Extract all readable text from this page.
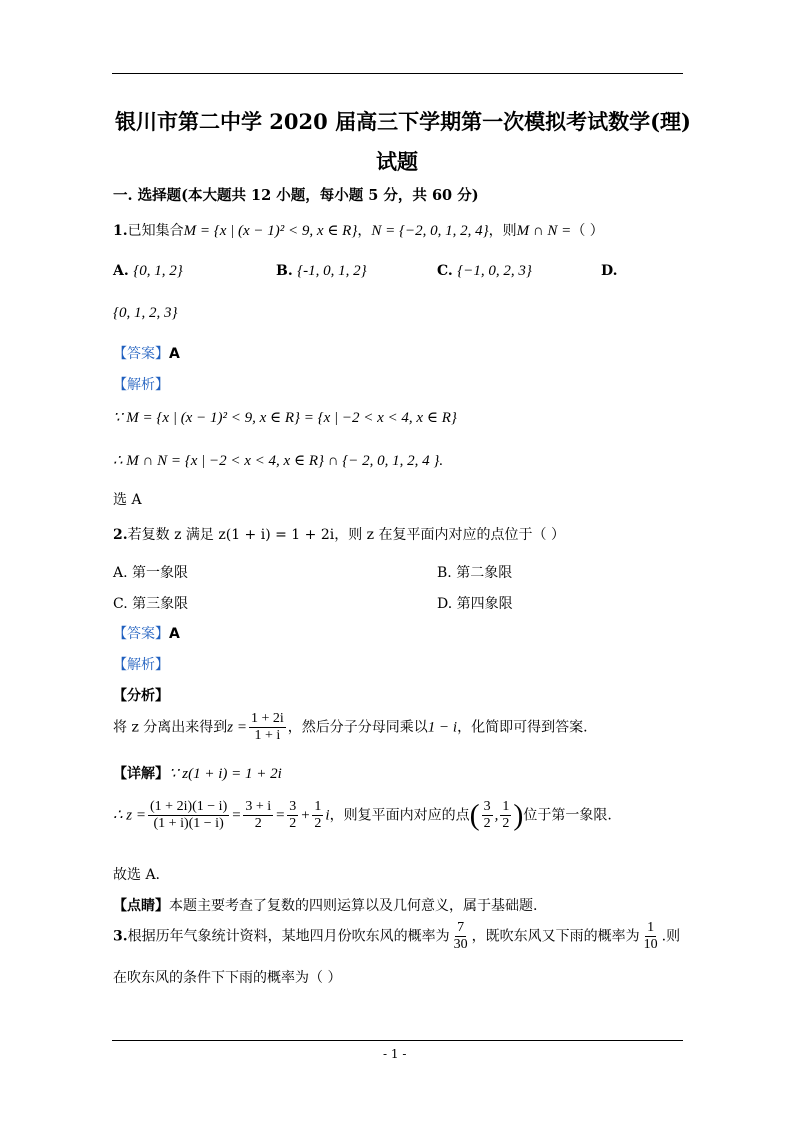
银川市第二中学 2020 届高三下学期第一次模拟考试数学(理)
试题
一. 选择题(本大题共 12 小题，每小题 5 分，共 60 分)
1.已知集合M = {x | (x − 1)² < 9, x ∈ R}，N = {−2, 0, 1, 2, 4}，则M ∩ N =（ ）
A. {0, 1, 2}	B. {-1, 0, 1, 2}	C. {−1, 0, 2, 3}	D.
{0, 1, 2, 3}
【答案】A
【解析】
∵ M = {x | (x − 1)² < 9, x ∈ R} = {x | −2 < x < 4, x ∈ R}
∴ M ∩ N = {x | −2 < x < 4, x ∈ R} ∩ {− 2, 0, 1, 2, 4 }.
选 A
2.若复数 z 满足 z(1 + i) = 1 + 2i，则 z 在复平面内对应的点位于（ ）
A. 第一象限	B. 第二象限
C. 第三象限	D. 第四象限
【答案】A
【解析】
【分析】
将 z 分离出来得到$z = \frac{1 + 2i}{1 + i}$ ，然后分子分母同乘以1 − i，化简即可得到答案.
【详解】∵ z(1 + i) = 1 + 2i
∴ $z = \frac{(1 + 2i)(1 - i)}{(1 + i)(1 - i)} = \frac{3 + i}{2} = \frac{3}{2} + \frac{1}{2}$ i，则复平面内对应的点( $\frac{3}{2}$ , $\frac{1}{2}$ )位于第一象限.
故选 A.
【点睛】本题主要考查了复数的四则运算以及几何意义，属于基础题.
3.根据历年气象统计资料，某地四月份吹东风的概率为 $\frac{7}{30}$ ，既吹东风又下雨的概率为 $\frac{1}{10}$ .则
在吹东风的条件下下雨的概率为（ ）
- 1 -
